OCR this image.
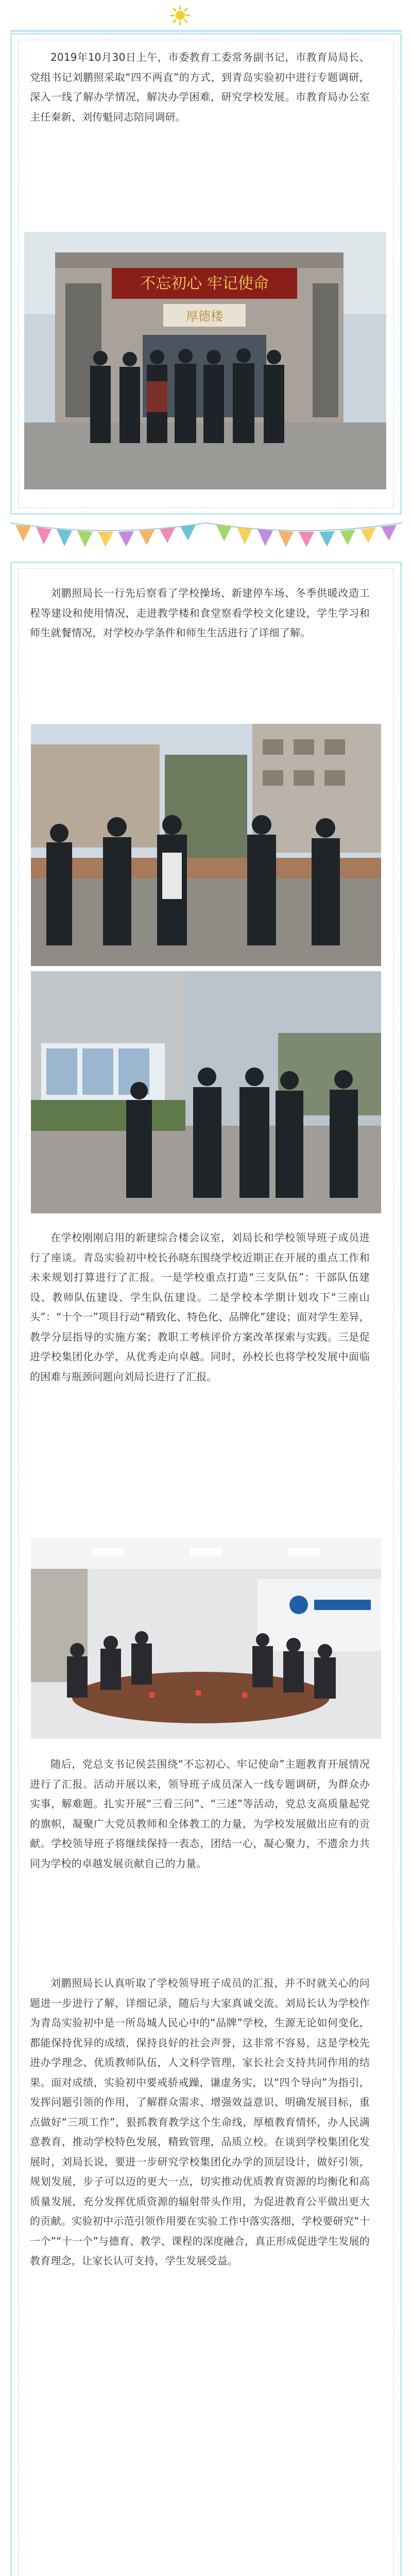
2019年10月30日上午，市委教育工委常务副书记，市教育局局长、党组书记刘鹏照采取“四不两直”的方式，到青岛实验初中进行专题调研，深入一线了解办学情况，解决办学困难，研究学校发展。市教育局办公室主任秦新、刘传魁同志陪同调研。

不忘初心 牢记使命
厚德楼

刘鹏照局长一行先后察看了学校操场、新建停车场、冬季供暖改造工程等建设和使用情况，走进教学楼和食堂察看学校文化建设，学生学习和师生就餐情况，对学校办学条件和师生生活进行了详细了解。

在学校刚刚启用的新建综合楼会议室，刘局长和学校领导班子成员进行了座谈。青岛实验初中校长孙晓东围绕学校近期正在开展的重点工作和未来规划打算进行了汇报。一是学校重点打造“三支队伍”：干部队伍建设、教师队伍建设、学生队伍建设。二是学校本学期计划攻下“三座山头”：“十个一”项目行动“精致化、特色化、品牌化”建设；面对学生差异，教学分层指导的实施方案；教职工考核评价方案改革探索与实践。三是促进学校集团化办学，从优秀走向卓越。同时，孙校长也将学校发展中面临的困难与瓶颈问题向刘局长进行了汇报。

随后，党总支书记侯芸围绕“不忘初心、牢记使命”主题教育开展情况进行了汇报。活动开展以来，领导班子成员深入一线专题调研，为群众办实事，解难题。扎实开展“三看三问”、“三述”等活动，党总支高质量起党的旗帜，凝聚广大党员教师和全体教工的力量，为学校发展做出应有的贡献。学校领导班子将继续保持一表态，团结一心，凝心聚力，不遗余力共同为学校的卓越发展贡献自己的力量。

刘鹏照局长认真听取了学校领导班子成员的汇报，并不时就关心的问题进一步进行了解，详细记录，随后与大家真诚交流。刘局长认为学校作为青岛实验初中是一所岛城人民心中的“品牌”学校，生源无论如何变化，都能保持优异的成绩，保持良好的社会声誉，这非常不容易，这是学校先进办学理念、优质教师队伍，人文科学管理，家长社会支持共同作用的结果。面对成绩，实验初中要戒骄戒躁，谦虚务实，以“四个导向”为指引，发挥问题引领的作用，了解群众需求、增强效益意识、明确发展目标，重点做好“三项工作”，狠抓教育教学这个生命线，厚植教育情怀，办人民满意教育，推动学校特色发展，精致管理，品质立校。在谈到学校集团化发展时，刘局长说，要进一步研究学校集团化办学的顶层设计，做好引领，规划发展，步子可以迈的更大一点，切实推动优质教育资源的均衡化和高质量发展，充分发挥优质资源的辐射带头作用，为促进教育公平做出更大的贡献。实验初中示范引领作用要在实验工作中落实落细，学校要研究“十一个”“十一个”与德育、教学、课程的深度融合，真正形成促进学生发展的教育理念，让家长认可支持，学生发展受益。
